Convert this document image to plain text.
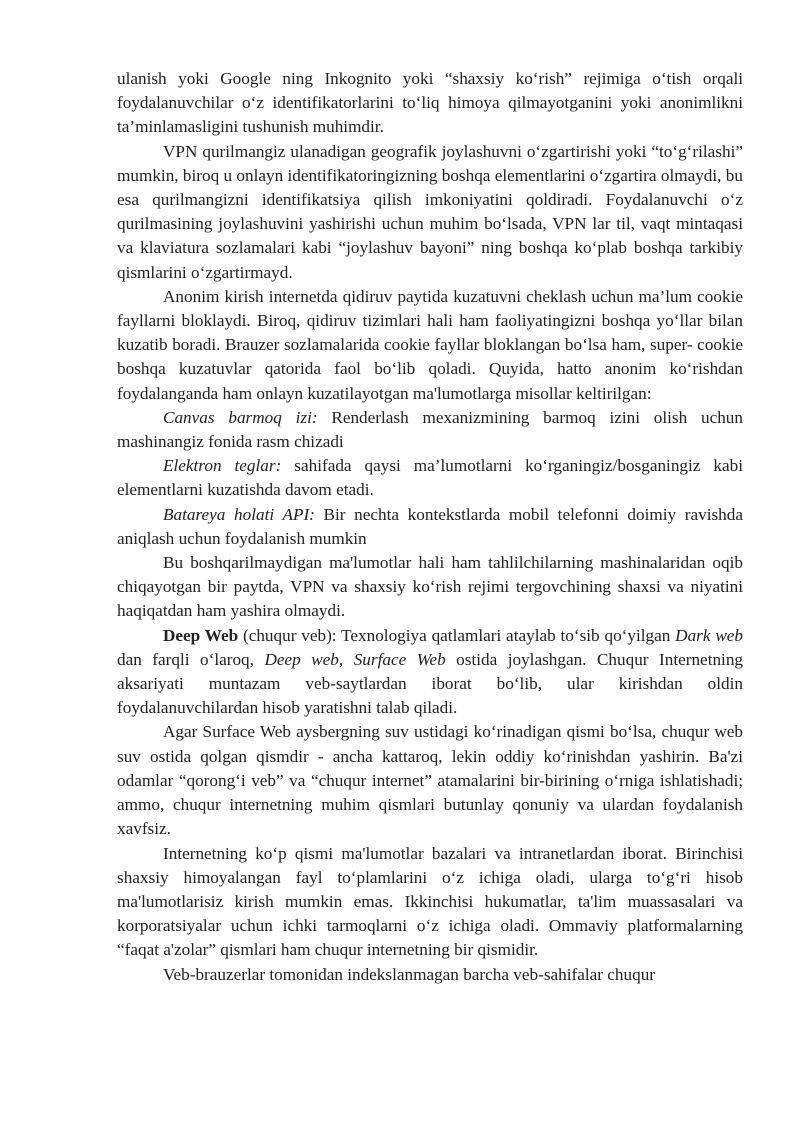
ulanish yoki Google ning Inkognito yoki “shaxsiy ko‘rish” rejimiga o‘tish orqali foydalanuvchilar o‘z identifikatorlarini to‘liq himoya qilmayotganini yoki anonimlikni ta’minlamasligini tushunish muhimdir.

VPN qurilmangiz ulanadigan geografik joylashuvni o‘zgartirishi yoki “to‘g‘rilashi” mumkin, biroq u onlayn identifikatoringizning boshqa elementlarini o‘zgartira olmaydi, bu esa qurilmangizni identifikatsiya qilish imkoniyatini qoldiradi. Foydalanuvchi o‘z qurilmasining joylashuvini yashirishi uchun muhim bo‘lsada, VPN lar til, vaqt mintaqasi va klaviatura sozlamalari kabi “joylashuv bayoni” ning boshqa ko‘plab boshqa tarkibiy qismlarini o‘zgartirmayd.

Anonim kirish internetda qidiruv paytida kuzatuvni cheklash uchun ma’lum cookie fayllarni bloklaydi. Biroq, qidiruv tizimlari hali ham faoliyatingizni boshqa yo‘llar bilan kuzatib boradi. Brauzer sozlamalarida cookie fayllar bloklangan bo‘lsa ham, super- cookie boshqa kuzatuvlar qatorida faol bo‘lib qoladi. Quyida, hatto anonim ko‘rishdan foydalanganda ham onlayn kuzatilayotgan ma'lumotlarga misollar keltirilgan:

Canvas barmoq izi: Renderlash mexanizmining barmoq izini olish uchun mashinangiz fonida rasm chizadi

Elektron teglar: sahifada qaysi ma’lumotlarni ko‘rganingiz/bosganingiz kabi elementlarni kuzatishda davom etadi.

Batareya holati API: Bir nechta kontekstlarda mobil telefonni doimiy ravishda aniqlash uchun foydalanish mumkin

Bu boshqarilmaydigan ma'lumotlar hali ham tahlilchilarning mashinalaridan oqib chiqayotgan bir paytda, VPN va shaxsiy ko‘rish rejimi tergovchining shaxsi va niyatini haqiqatdan ham yashira olmaydi.

Deep Web (chuqur veb): Texnologiya qatlamlari ataylab to‘sib qo‘yilgan Dark web dan farqli o‘laroq, Deep web, Surface Web ostida joylashgan. Chuqur Internetning aksariyati muntazam veb-saytlardan iborat bo‘lib, ular kirishdan oldin foydalanuvchilardan hisob yaratishni talab qiladi.

Agar Surface Web aysbergning suv ustidagi ko‘rinadigan qismi bo‘lsa, chuqur web suv ostida qolgan qismdir - ancha kattaroq, lekin oddiy ko‘rinishdan yashirin. Ba'zi odamlar “qorong‘i veb” va “chuqur internet” atamalarini bir-birining o‘rniga ishlatishadi; ammo, chuqur internetning muhim qismlari butunlay qonuniy va ulardan foydalanish xavfsiz.

Internetning ko‘p qismi ma'lumotlar bazalari va intranetlardan iborat. Birinchisi shaxsiy himoyalangan fayl to‘plamlarini o‘z ichiga oladi, ularga to‘g‘ri hisob ma'lumotlarisiz kirish mumkin emas. Ikkinchisi hukumatlar, ta'lim muassasalari va korporatsiyalar uchun ichki tarmoqlarni o‘z ichiga oladi. Ommaviy platformalarning “faqat a'zolar” qismlari ham chuqur internetning bir qismidir.

Veb-brauzerlar tomonidan indekslanmagan barcha veb-sahifalar chuqur
